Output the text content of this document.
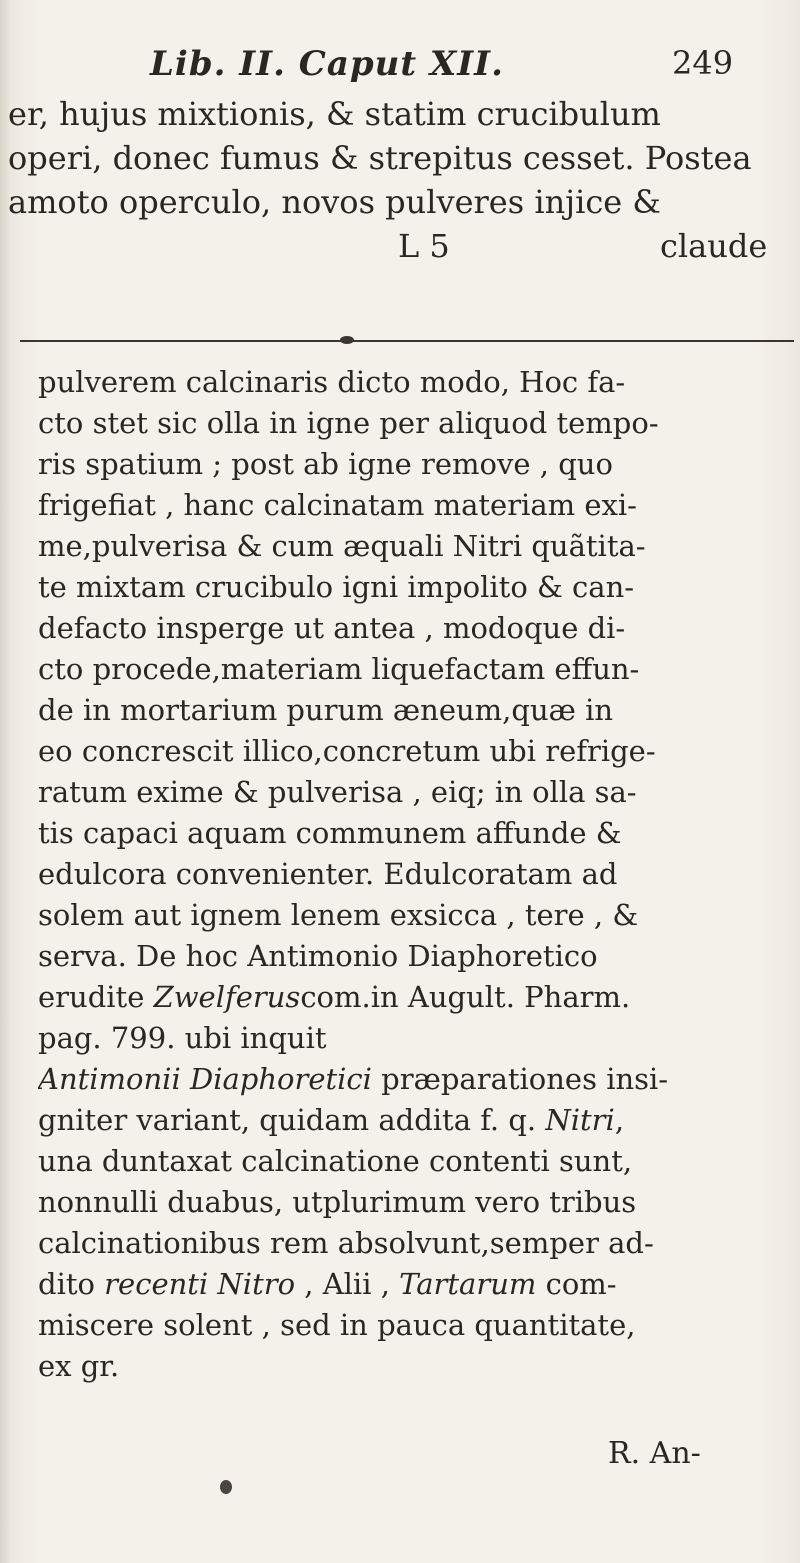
Lib. II. Caput XII.	249
er, hujus mixtionis, & statim crucibulum
operi, donec fumus & strepitus cesset. Postea
amoto operculo, novos pulveres injice &
L 5	claude
pulverem calcinaris dicto modo, Hoc fa-
cto stet sic olla in igne per aliquod tempo-
ris spatium ; post ab igne remove , quo
frigefiat , hanc calcinatam materiam exi-
me,pulverisa & cum æquali Nitri quãtita-
te mixtam crucibulo igni impolito & can-
defacto insperge ut antea , modoque di-
cto procede,materiam liquefactam effun-
de in mortarium purum æneum,quæ in
eo concrescit illico,concretum ubi refrige-
ratum exime & pulverisa , eiq; in olla sa-
tis capaci aquam communem affunde &
edulcora convenienter. Edulcoratam ad
solem aut ignem lenem exsicca , tere , &
serva. De hoc Antimonio Diaphoretico
erudite Zwelferuscom.in Augult. Pharm.
pag. 799. ubi inquit
Antimonii Diaphoretici præparationes insi-
gniter variant, quidam addita f. q. Nitri,
una duntaxat calcinatione contenti sunt,
nonnulli duabus, utplurimum vero tribus
calcinationibus rem absolvunt,semper ad-
dito recenti Nitro , Alii , Tartarum com-
miscere solent , sed in pauca quantitate,
ex gr.
R. An-
